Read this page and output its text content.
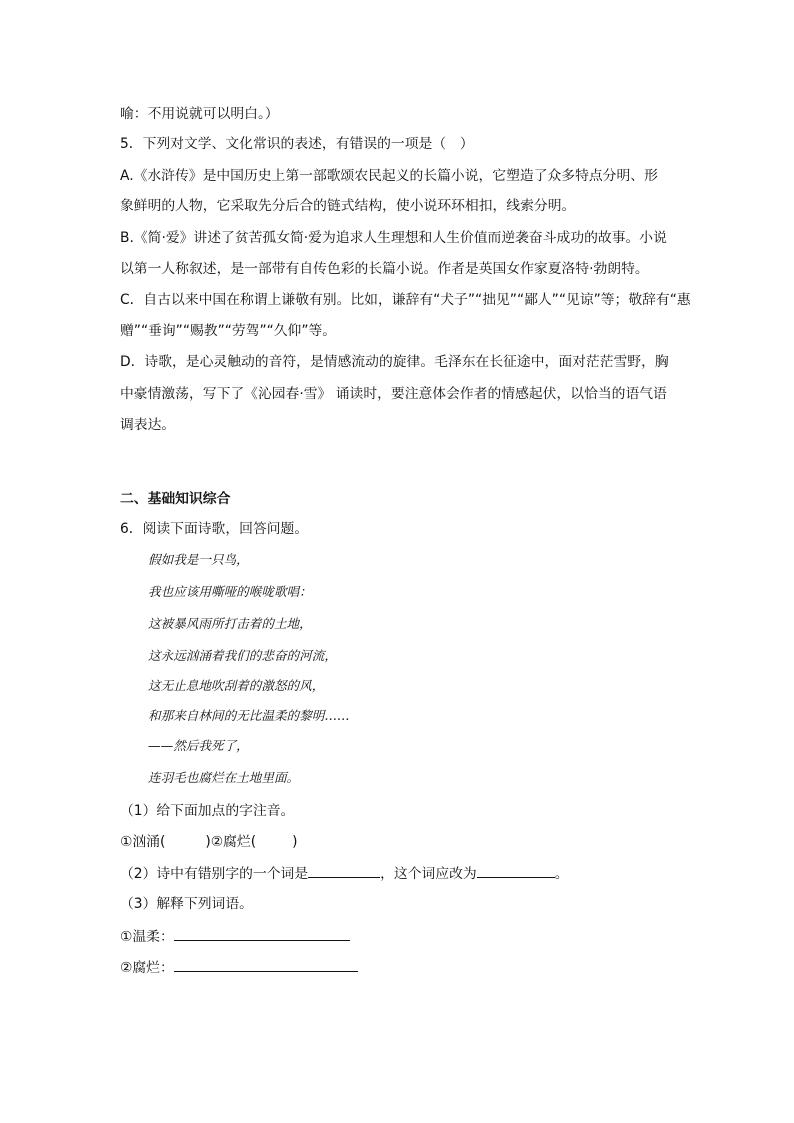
喻：不用说就可以明白。）
5．下列对文学、文化常识的表述，有错误的一项是（　）
A.《水浒传》是中国历史上第一部歌颂农民起义的长篇小说，它塑造了众多特点分明、形
象鲜明的人物，它采取先分后合的链式结构，使小说环环相扣，线索分明。
B.《简·爱》讲述了贫苦孤女简·爱为追求人生理想和人生价值而逆袭奋斗成功的故事。小说
以第一人称叙述，是一部带有自传色彩的长篇小说。作者是英国女作家夏洛特·勃朗特。
C．自古以来中国在称谓上谦敬有别。比如，谦辞有“犬子”“拙见”“鄙人”“见谅”等；敬辞有“惠
赠”“垂询”“赐教”“劳驾”“久仰”等。
D．诗歌，是心灵触动的音符，是情感流动的旋律。毛泽东在长征途中，面对茫茫雪野，胸
中豪情激荡，写下了《沁园春·雪》 诵读时，要注意体会作者的情感起伏，以恰当的语气语
调表达。
二、基础知识综合
6．阅读下面诗歌，回答问题。
假如我是一只鸟，
我也应该用嘶哑的喉咙歌唱：
这被暴风雨所打击着的土地，
这永远汹涌着我们的悲奋的河流，
这无止息地吹刮着的激怒的风，
和那来自林间的无比温柔的黎明……
——然后我死了，
连羽毛也腐烂在土地里面。
（1）给下面加点的字注音。
①汹涌(	)②腐烂(	)
（2）诗中有错别字的一个词是	，这个词应改为	。
（3）解释下列词语。
①温柔：
②腐烂：
